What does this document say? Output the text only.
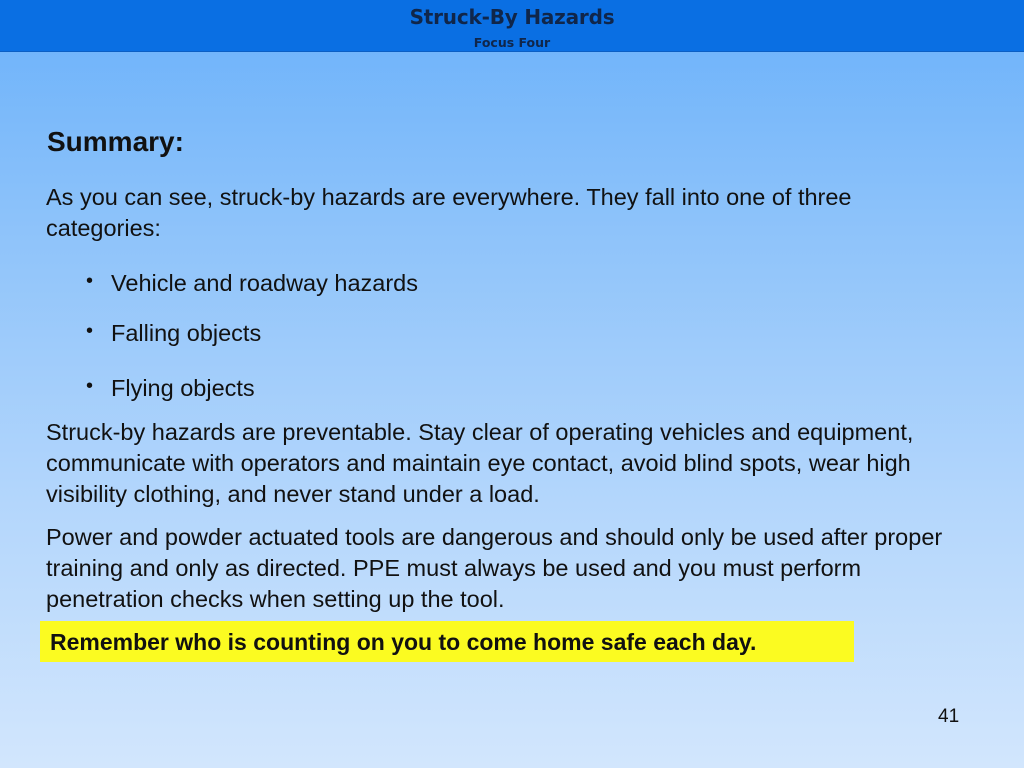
Struck-By Hazards
Focus Four
Summary:

As you can see, struck-by hazards are everywhere. They fall into one of three categories:

• Vehicle and roadway hazards
• Falling objects
• Flying objects

Struck-by hazards are preventable. Stay clear of operating vehicles and equipment, communicate with operators and maintain eye contact, avoid blind spots, wear high visibility clothing, and never stand under a load.

Power and powder actuated tools are dangerous and should only be used after proper training and only as directed. PPE must always be used and you must perform penetration checks when setting up the tool.

Remember who is counting on you to come home safe each day.
41
